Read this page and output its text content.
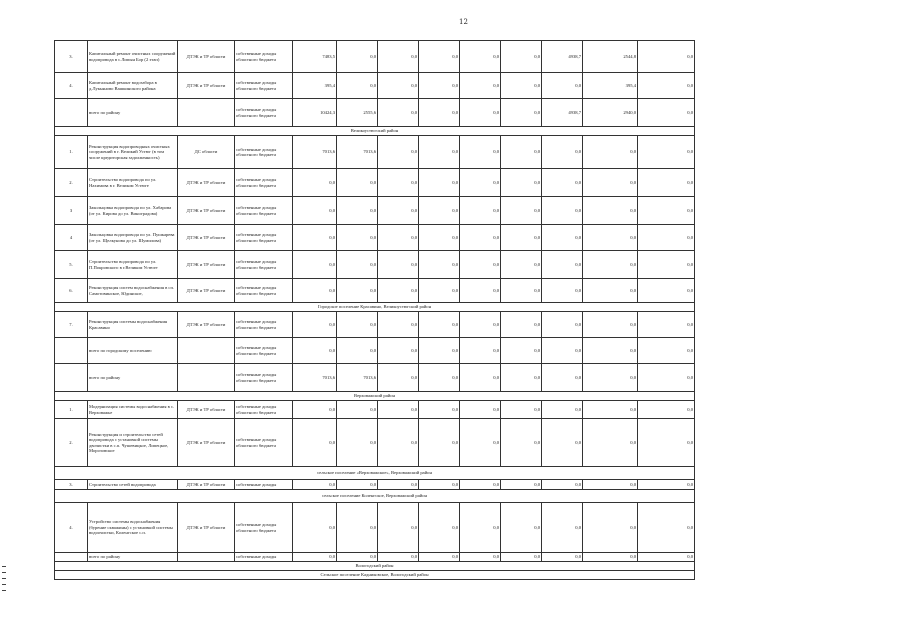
12
3.	Капитальный ремонт очистных сооружений водопровода в с.Липын Бор (2 этап)	ДТЭК и ТР области	собственные доходы областного бюджета	7483,5	0,0	0,0	0,0	0,0	0,0	4938,7	2544,8	0,0
4.	Капитальный ремонт водозабора в д.Лукьяново Вашкинского района	ДТЭК и ТР области	собственные доходы областного бюджета	395,4	0,0	0,0	0,0	0,0	0,0	0,0	395,4	0,0
	всего по району		собственные доходы областного бюджета	10424,3	2555,6	0,0	0,0	0,0	0,0	4938,7	2940,0	0,0
Великоустюгский район												
1.	Реконструкция водопроводных очистных сооружений в г. Великий Устюг (в том числе кредиторская задолженность)	ДС области	собственные доходы областного бюджета	7013,6	7013,6	0,0	0,0	0,0	0,0	0,0	0,0	0,0
2.	Строительство водопровода по ул. Нахимова в г. Великом Устюге	ДТЭК и ТР области	собственные доходы областного бюджета	0,0	0,0	0,0	0,0	0,0	0,0	0,0	0,0	0,0
3	Закольцовка водопровода по ул. Хабарова (от ул. Кирова до ул. Виноградова)	ДТЭК и ТР области	собственные доходы областного бюджета	0,0	0,0	0,0	0,0	0,0	0,0	0,0	0,0	0,0
4	Закольцовка водопровода по ул. Пушкарева (от ул. Щелкунова до ул. Шумилова)	ДТЭК и ТР области	собственные доходы областного бюджета	0,0	0,0	0,0	0,0	0,0	0,0	0,0	0,0	0,0
5.	Строительство водопровода по ул. П.Покровского в г.Великом Устюге	ДТЭК и ТР области	собственные доходы областного бюджета	0,0	0,0	0,0	0,0	0,0	0,0	0,0	0,0	0,0
6.	Реконструкция систем водоснабжения в сп. Самотовинское, Юдинское,	ДТЭК и ТР области	собственные доходы областного бюджета	0,0	0,0	0,0	0,0	0,0	0,0	0,0	0,0	0,0
Городское поселение Красавино, Великоустюгский район												
7.	Реконструкция системы водоснабжения Красавино	ДТЭК и ТР области	собственные доходы областного бюджета	0,0	0,0	0,0	0,0	0,0	0,0	0,0	0,0	0,0
	всего по городскому поселению		собственные доходы областного бюджета	0,0	0,0	0,0	0,0	0,0	0,0	0,0	0,0	0,0
	всего по району		собственные доходы областного бюджета	7013,6	7013,6	0,0	0,0	0,0	0,0	0,0	0,0	0,0
Верховажский район												
1.	Модернизация системы водоснабжения в с. Верховажье	ДТЭК и ТР области	собственные доходы областного бюджета	0,0	0,0	0,0	0,0	0,0	0,0	0,0	0,0	0,0
2.	Реконструкция и строительство сетей водопровода с установкой системы двочистки в с.п. Чушевицкое, Липецкое, Морозовское	ДТЭК и ТР области	собственные доходы областного бюджета	0,0	0,0	0,0	0,0	0,0	0,0	0,0	0,0	0,0
сельское поселение «Верховажское», Верховажский район												
3.	Строительство сетей водопровода	ДТЭК и ТР области	собственные доходы	0,0	0,0	0,0	0,0	0,0	0,0	0,0	0,0	0,0
сельское поселение Коленгское, Верховажский район												
4.	Устройство системы водоснабжения (бурение скважины) с установкой системы водоочистки, Коленгское с.п.	ДТЭК и ТР области	собственные доходы областного бюджета	0,0	0,0	0,0	0,0	0,0	0,0	0,0	0,0	0,0
	всего по району		собственные доходы	0,0	0,0	0,0	0,0	0,0	0,0	0,0	0,0	0,0
Вологодский район												
Сельское поселение Кадниковское, Вологодский район												
